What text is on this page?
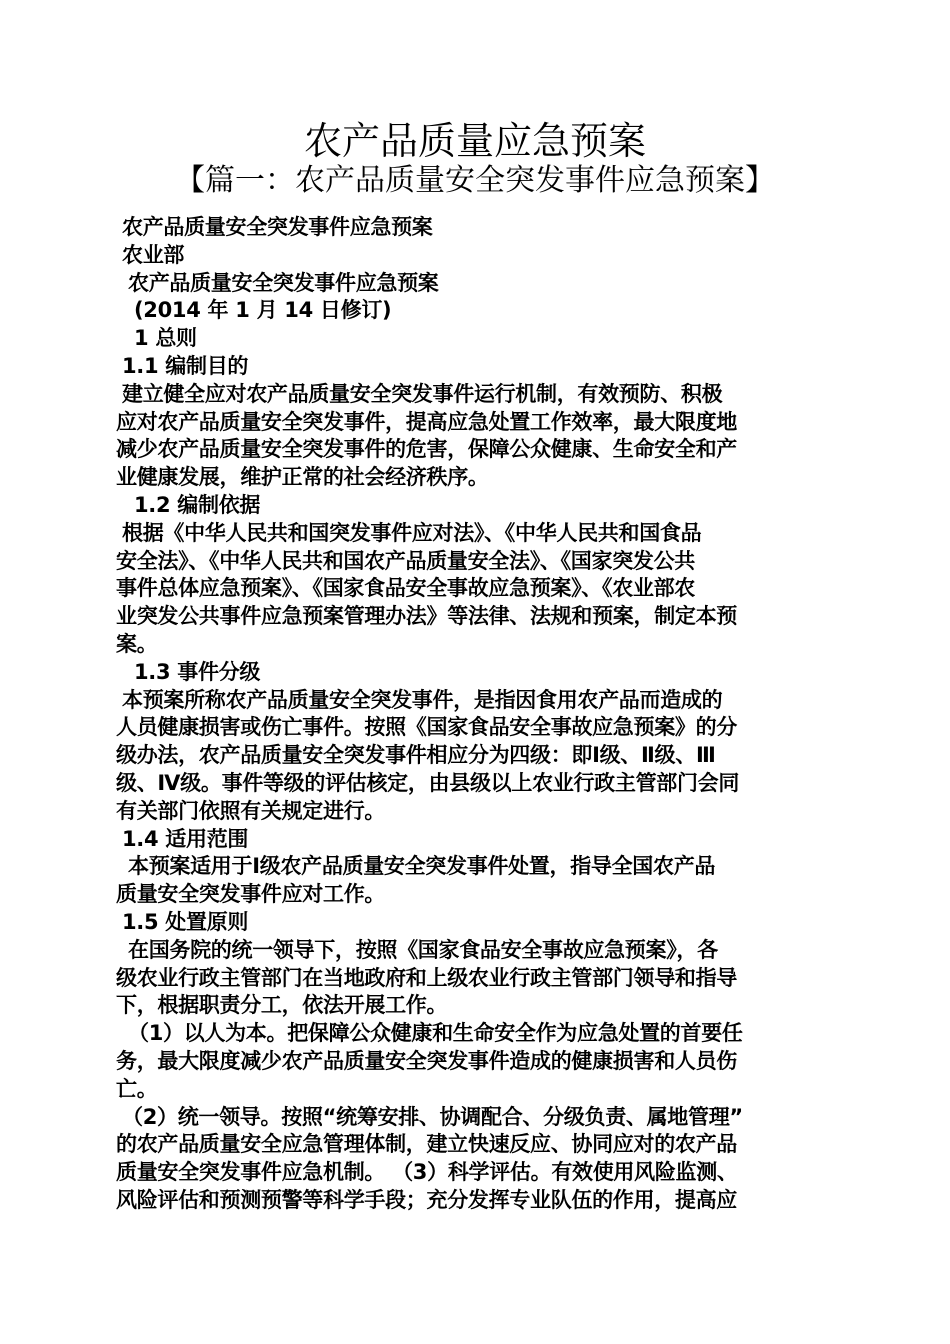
农产品质量应急预案
【篇一：农产品质量安全突发事件应急预案】
农产品质量安全突发事件应急预案
农业部
农产品质量安全突发事件应急预案
(2014 年 1 月 14 日修订)
1 总则
1.1 编制目的
建立健全应对农产品质量安全突发事件运行机制，有效预防、积极
应对农产品质量安全突发事件，提高应急处置工作效率，最大限度地
减少农产品质量安全突发事件的危害，保障公众健康、生命安全和产
业健康发展，维护正常的社会经济秩序。
1.2 编制依据
根据《中华人民共和国突发事件应对法》、《中华人民共和国食品
安全法》、《中华人民共和国农产品质量安全法》、《国家突发公共
事件总体应急预案》、《国家食品安全事故应急预案》、《农业部农
业突发公共事件应急预案管理办法》等法律、法规和预案，制定本预
案。
1.3 事件分级
本预案所称农产品质量安全突发事件，是指因食用农产品而造成的
人员健康损害或伤亡事件。按照《国家食品安全事故应急预案》的分
级办法，农产品质量安全突发事件相应分为四级：即Ⅰ级、Ⅱ级、Ⅲ
级、Ⅳ级。事件等级的评估核定，由县级以上农业行政主管部门会同
有关部门依照有关规定进行。
1.4 适用范围
本预案适用于Ⅰ级农产品质量安全突发事件处置，指导全国农产品
质量安全突发事件应对工作。
1.5 处置原则
在国务院的统一领导下，按照《国家食品安全事故应急预案》，各
级农业行政主管部门在当地政府和上级农业行政主管部门领导和指导
下，根据职责分工，依法开展工作。
（1）以人为本。把保障公众健康和生命安全作为应急处置的首要任
务，最大限度减少农产品质量安全突发事件造成的健康损害和人员伤
亡。
（2）统一领导。按照“统筹安排、协调配合、分级负责、属地管理”
的农产品质量安全应急管理体制，建立快速反应、协同应对的农产品
质量安全突发事件应急机制。 （3）科学评估。有效使用风险监测、
风险评估和预测预警等科学手段；充分发挥专业队伍的作用，提高应
